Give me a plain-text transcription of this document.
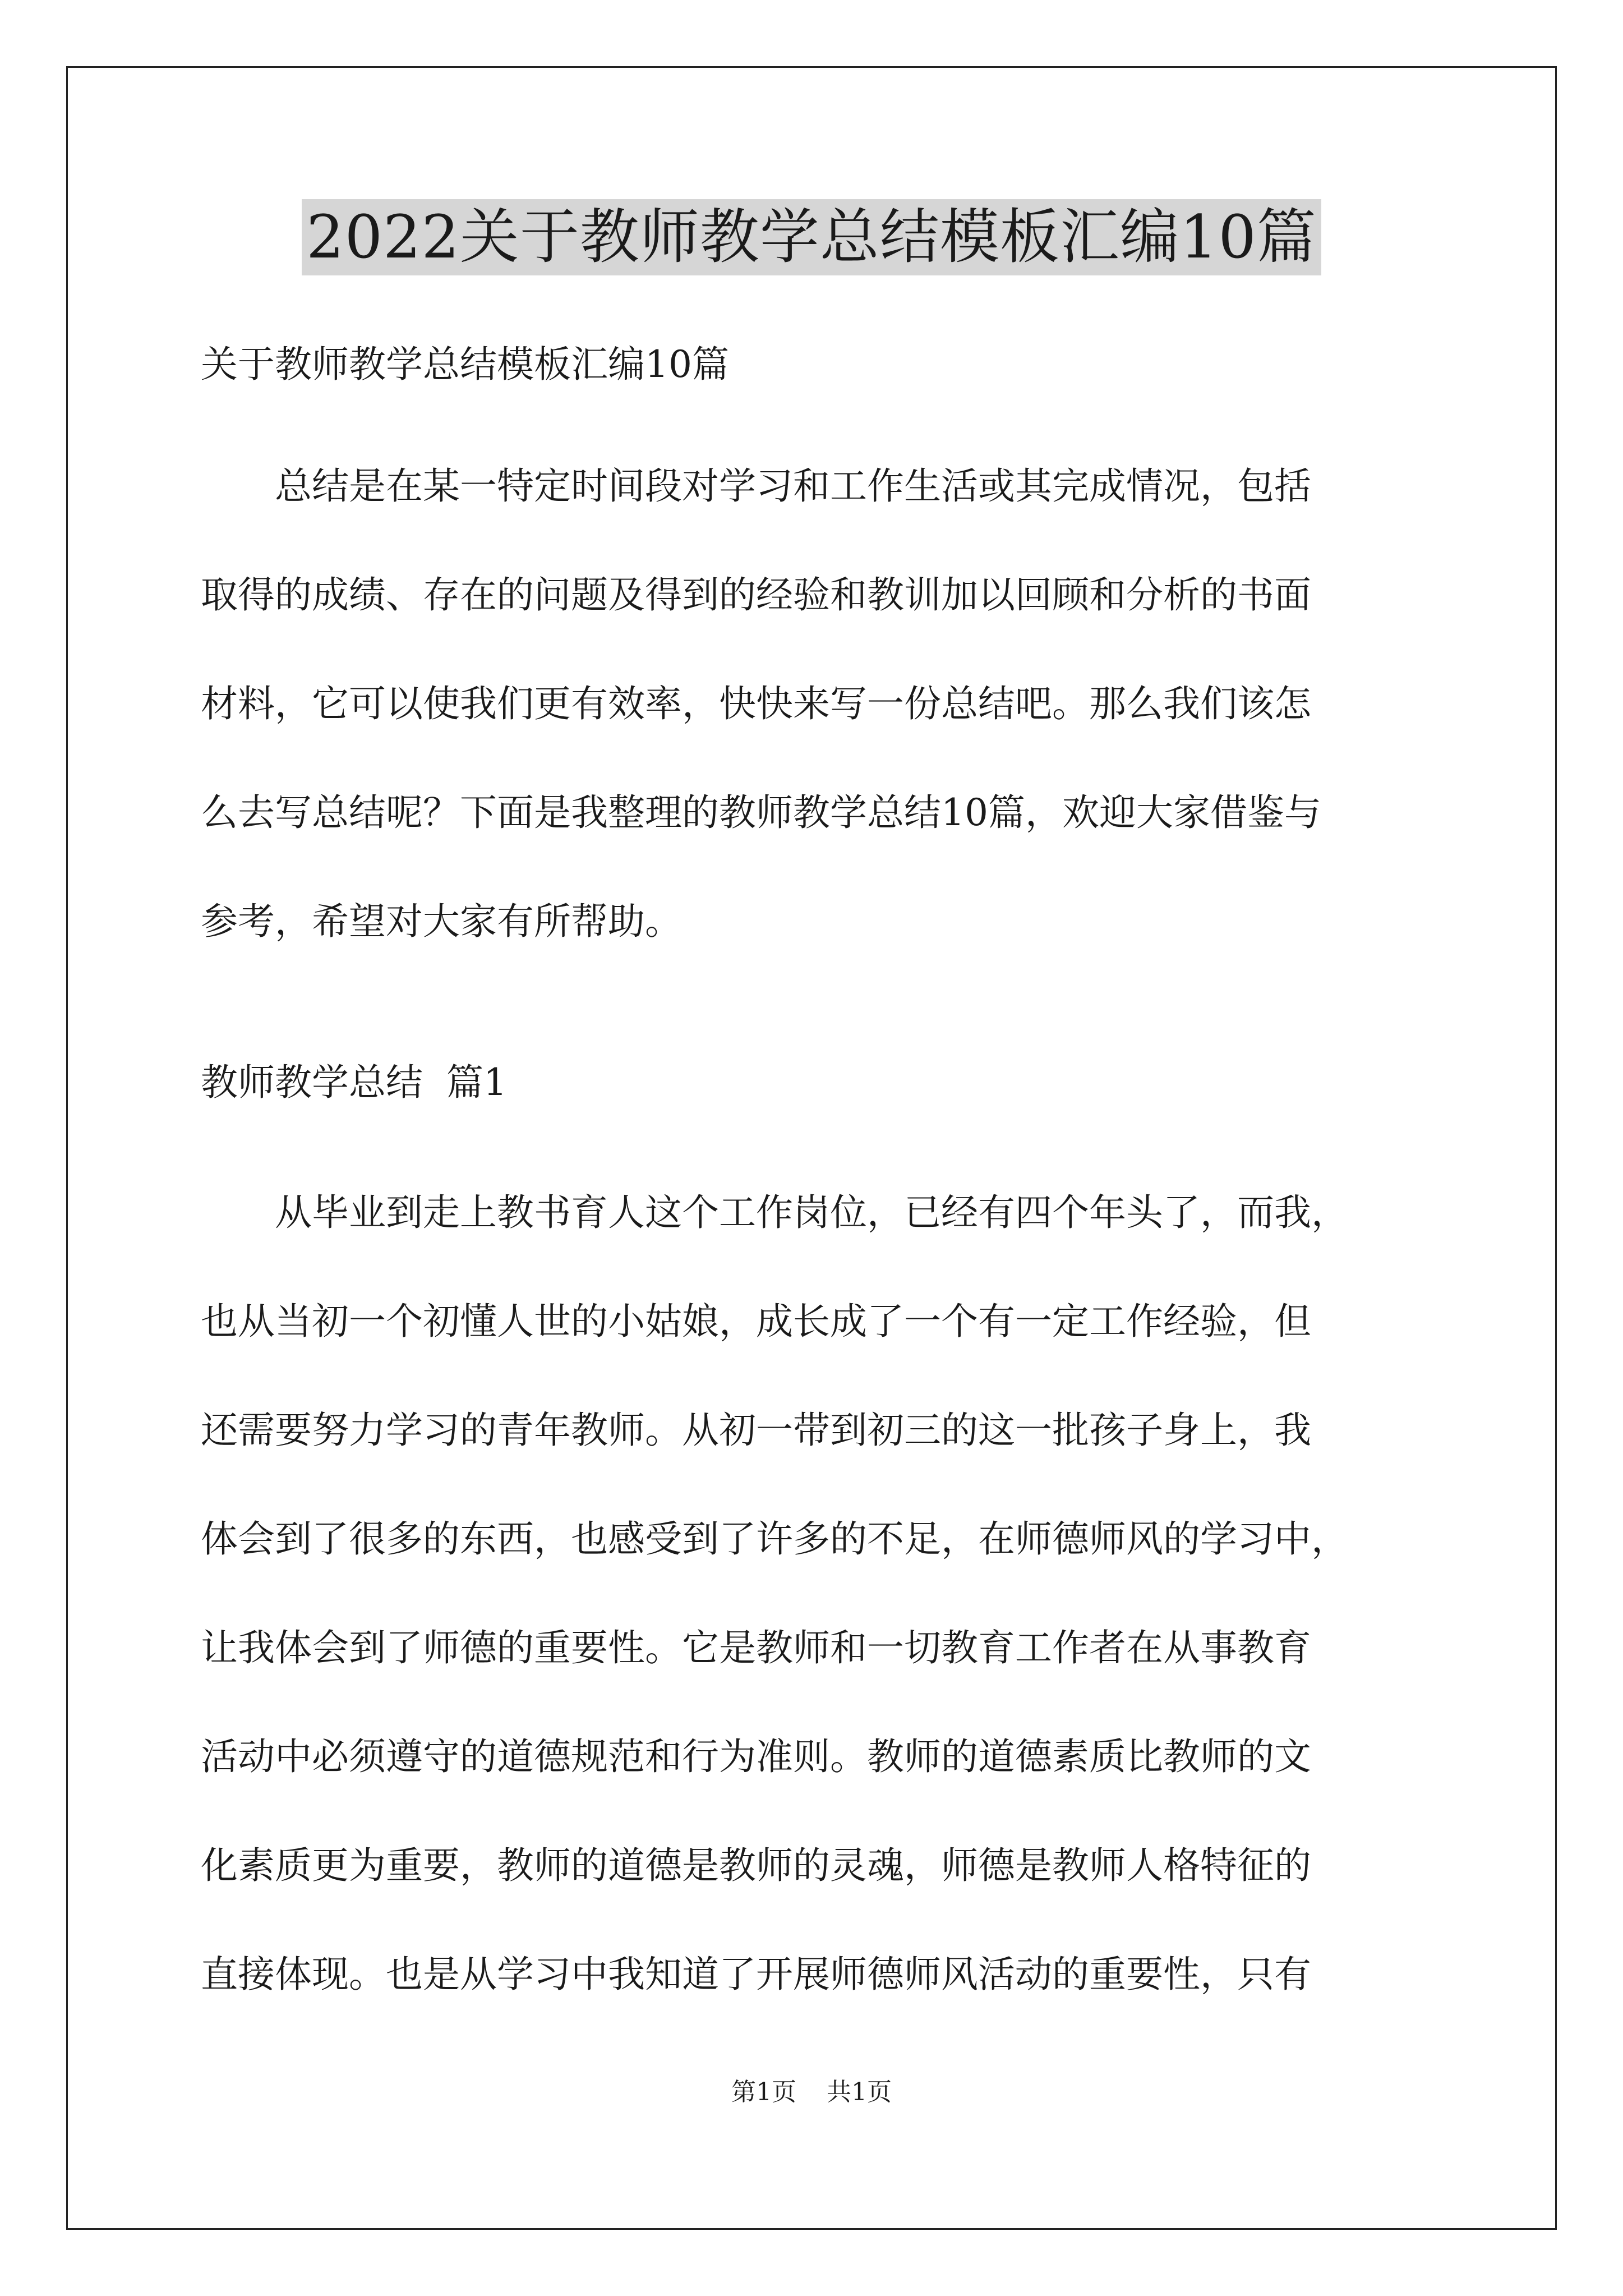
2022关于教师教学总结模板汇编10篇
关于教师教学总结模板汇编10篇
总结是在某一特定时间段对学习和工作生活或其完成情况，包括
取得的成绩、存在的问题及得到的经验和教训加以回顾和分析的书面
材料，它可以使我们更有效率，快快来写一份总结吧。那么我们该怎
么去写总结呢？下面是我整理的教师教学总结10篇，欢迎大家借鉴与
参考，希望对大家有所帮助。
教师教学总结  篇1
从毕业到走上教书育人这个工作岗位，已经有四个年头了，而我，
也从当初一个初懂人世的小姑娘，成长成了一个有一定工作经验，但
还需要努力学习的青年教师。从初一带到初三的这一批孩子身上，我
体会到了很多的东西，也感受到了许多的不足，在师德师风的学习中，
让我体会到了师德的重要性。它是教师和一切教育工作者在从事教育
活动中必须遵守的道德规范和行为准则。教师的道德素质比教师的文
化素质更为重要，教师的道德是教师的灵魂，师德是教师人格特征的
直接体现。也是从学习中我知道了开展师德师风活动的重要性，只有
第1页 共1页
